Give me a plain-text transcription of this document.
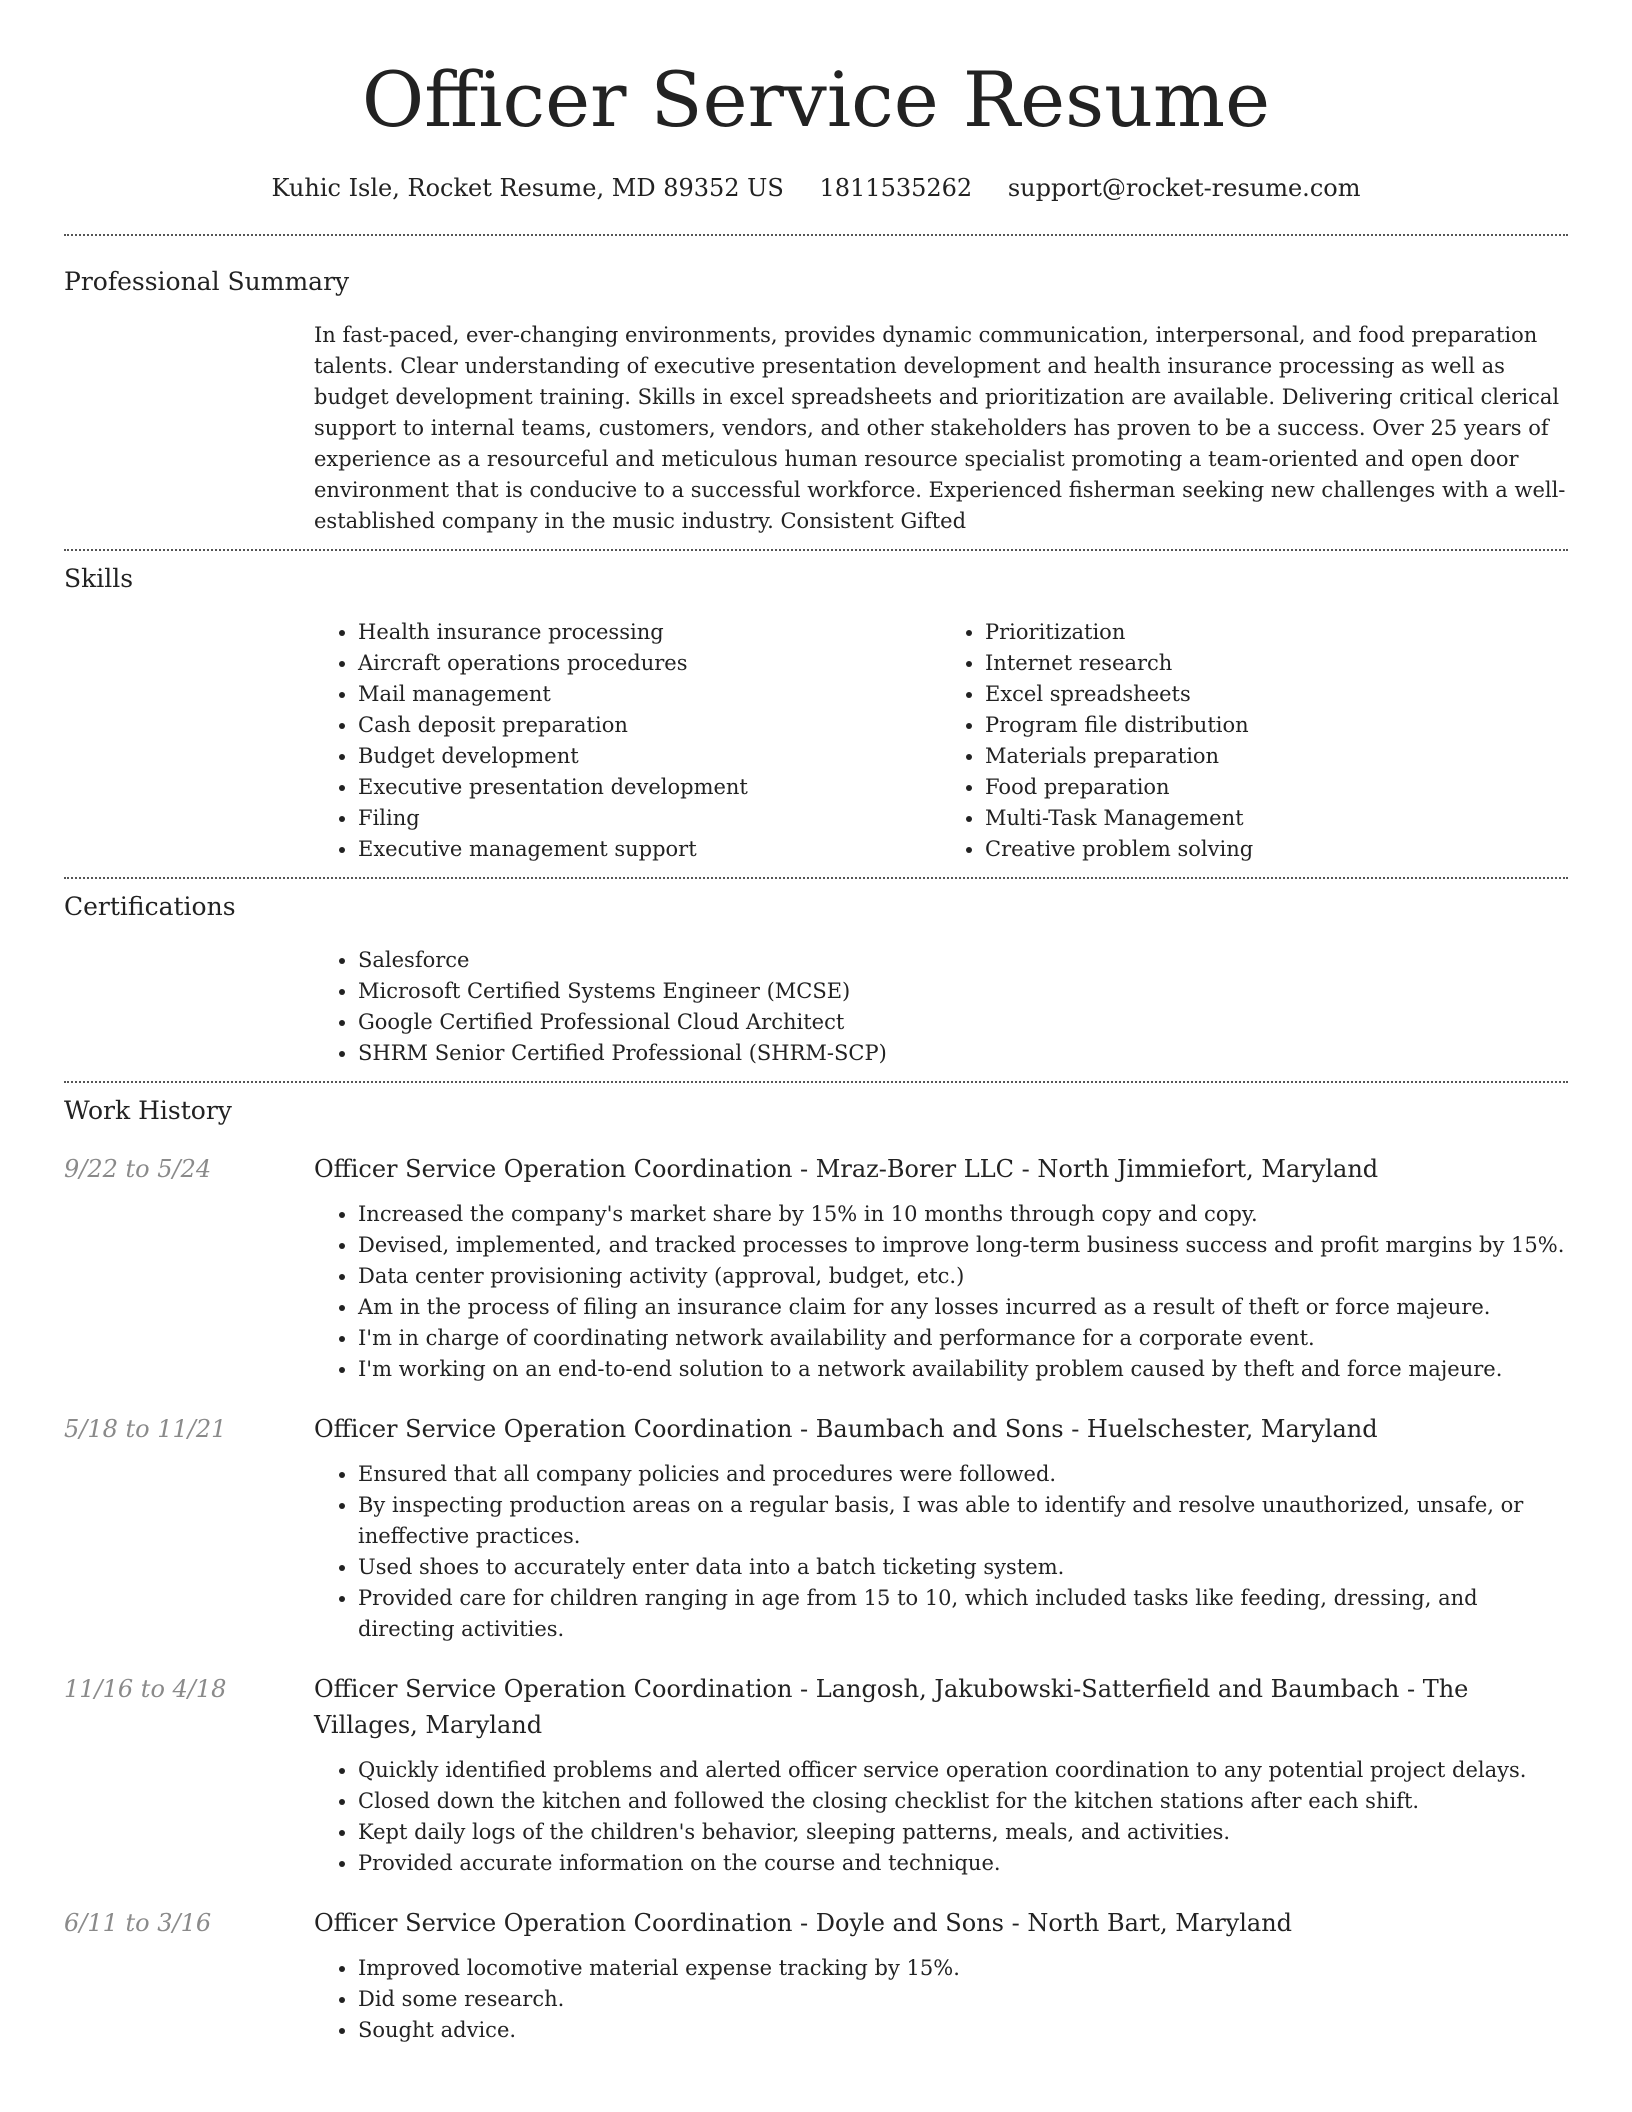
Officer Service Resume
Kuhic Isle, Rocket Resume, MD 89352 US 1811535262 support@rocket-resume.com
Professional Summary

In fast-paced, ever-changing environments, provides dynamic communication, interpersonal, and food preparation talents. Clear understanding of executive presentation development and health insurance processing as well as budget development training. Skills in excel spreadsheets and prioritization are available. Delivering critical clerical support to internal teams, customers, vendors, and other stakeholders has proven to be a success. Over 25 years of experience as a resourceful and meticulous human resource specialist promoting a team-oriented and open door environment that is conducive to a successful workforce. Experienced fisherman seeking new challenges with a well-established company in the music industry. Consistent Gifted

Skills
• Health insurance processing
• Aircraft operations procedures
• Mail management
• Cash deposit preparation
• Budget development
• Executive presentation development
• Filing
• Executive management support
• Prioritization
• Internet research
• Excel spreadsheets
• Program file distribution
• Materials preparation
• Food preparation
• Multi-Task Management
• Creative problem solving
Certifications
• Salesforce
• Microsoft Certified Systems Engineer (MCSE)
• Google Certified Professional Cloud Architect
• SHRM Senior Certified Professional (SHRM-SCP)
Work History
9/22 to 5/24	Officer Service Operation Coordination - Mraz-Borer LLC - North Jimmiefort, Maryland
• Increased the company's market share by 15% in 10 months through copy and copy.
• Devised, implemented, and tracked processes to improve long-term business success and profit margins by 15%.
• Data center provisioning activity (approval, budget, etc.)
• Am in the process of filing an insurance claim for any losses incurred as a result of theft or force majeure.
• I'm in charge of coordinating network availability and performance for a corporate event.
• I'm working on an end-to-end solution to a network availability problem caused by theft and force majeure.
5/18 to 11/21	Officer Service Operation Coordination - Baumbach and Sons - Huelschester, Maryland
• Ensured that all company policies and procedures were followed.
• By inspecting production areas on a regular basis, I was able to identify and resolve unauthorized, unsafe, or ineffective practices.
• Used shoes to accurately enter data into a batch ticketing system.
• Provided care for children ranging in age from 15 to 10, which included tasks like feeding, dressing, and directing activities.
11/16 to 4/18	Officer Service Operation Coordination - Langosh, Jakubowski-Satterfield and Baumbach - The Villages, Maryland
• Quickly identified problems and alerted officer service operation coordination to any potential project delays.
• Closed down the kitchen and followed the closing checklist for the kitchen stations after each shift.
• Kept daily logs of the children's behavior, sleeping patterns, meals, and activities.
• Provided accurate information on the course and technique.
6/11 to 3/16	Officer Service Operation Coordination - Doyle and Sons - North Bart, Maryland
• Improved locomotive material expense tracking by 15%.
• Did some research.
• Sought advice.
